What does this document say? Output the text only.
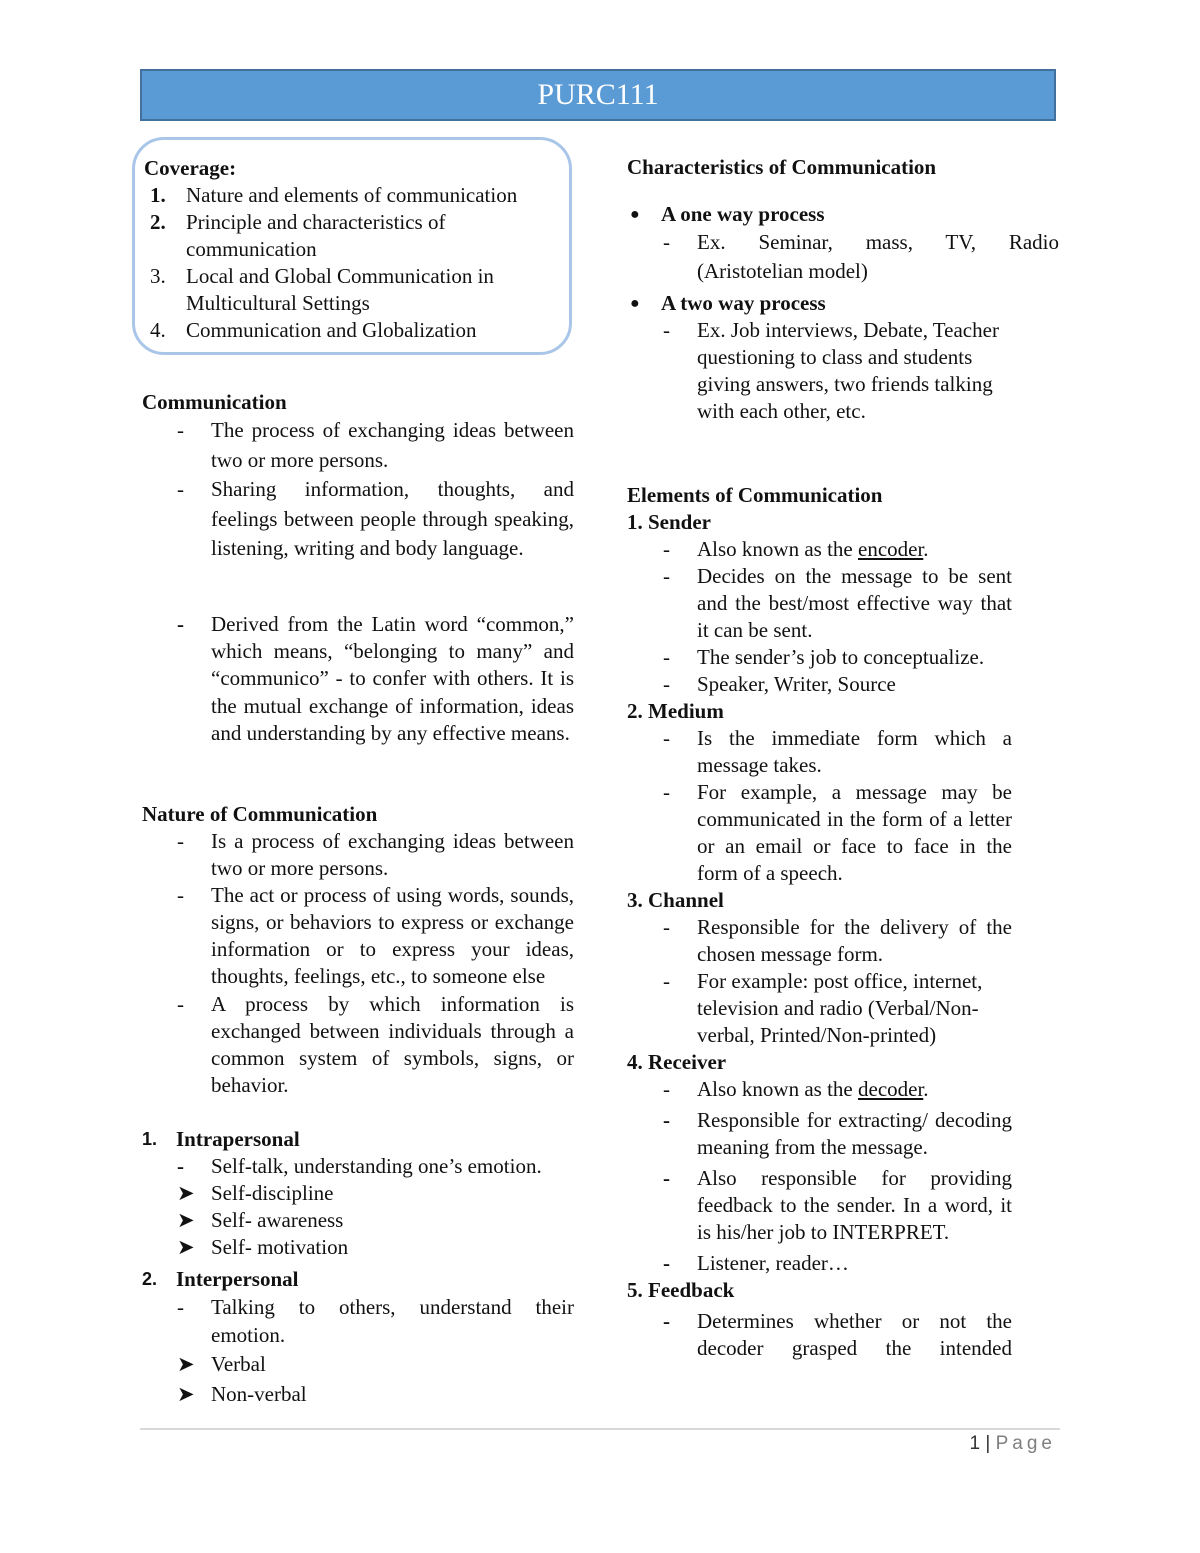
PURC111
Coverage:
1. Nature and elements of communication
2. Principle and characteristics of communication
3. Local and Global Communication in Multicultural Settings
4. Communication and Globalization
Communication
- The process of exchanging ideas between two or more persons.
- Sharing information, thoughts, and feelings between people through speaking, listening, writing and body language.
- Derived from the Latin word “common,” which means, “belonging to many” and “communico” - to confer with others. It is the mutual exchange of information, ideas and understanding by any effective means.
Nature of Communication
- Is a process of exchanging ideas between two or more persons.
- The act or process of using words, sounds, signs, or behaviors to express or exchange information or to express your ideas, thoughts, feelings, etc., to someone else
- A process by which information is exchanged between individuals through a common system of symbols, signs, or behavior.
1. Intrapersonal
- Self-talk, understanding one’s emotion.
➤ Self-discipline
➤ Self- awareness
➤ Self- motivation
2. Interpersonal
- Talking to others, understand their emotion.
➤ Verbal
➤ Non-verbal
Characteristics of Communication
● A one way process
- Ex. Seminar, mass, TV, Radio (Aristotelian model)
● A two way process
- Ex. Job interviews, Debate, Teacher questioning to class and students giving answers, two friends talking with each other, etc.
Elements of Communication
1. Sender
- Also known as the encoder.
- Decides on the message to be sent and the best/most effective way that it can be sent.
- The sender’s job to conceptualize.
- Speaker, Writer, Source
2. Medium
- Is the immediate form which a message takes.
- For example, a message may be communicated in the form of a letter or an email or face to face in the form of a speech.
3. Channel
- Responsible for the delivery of the chosen message form.
- For example: post office, internet, television and radio (Verbal/Non-verbal, Printed/Non-printed)
4. Receiver
- Also known as the decoder.
- Responsible for extracting/ decoding meaning from the message.
- Also responsible for providing feedback to the sender. In a word, it is his/her job to INTERPRET.
- Listener, reader…
5. Feedback
- Determines whether or not the decoder grasped the intended
1 | Page
